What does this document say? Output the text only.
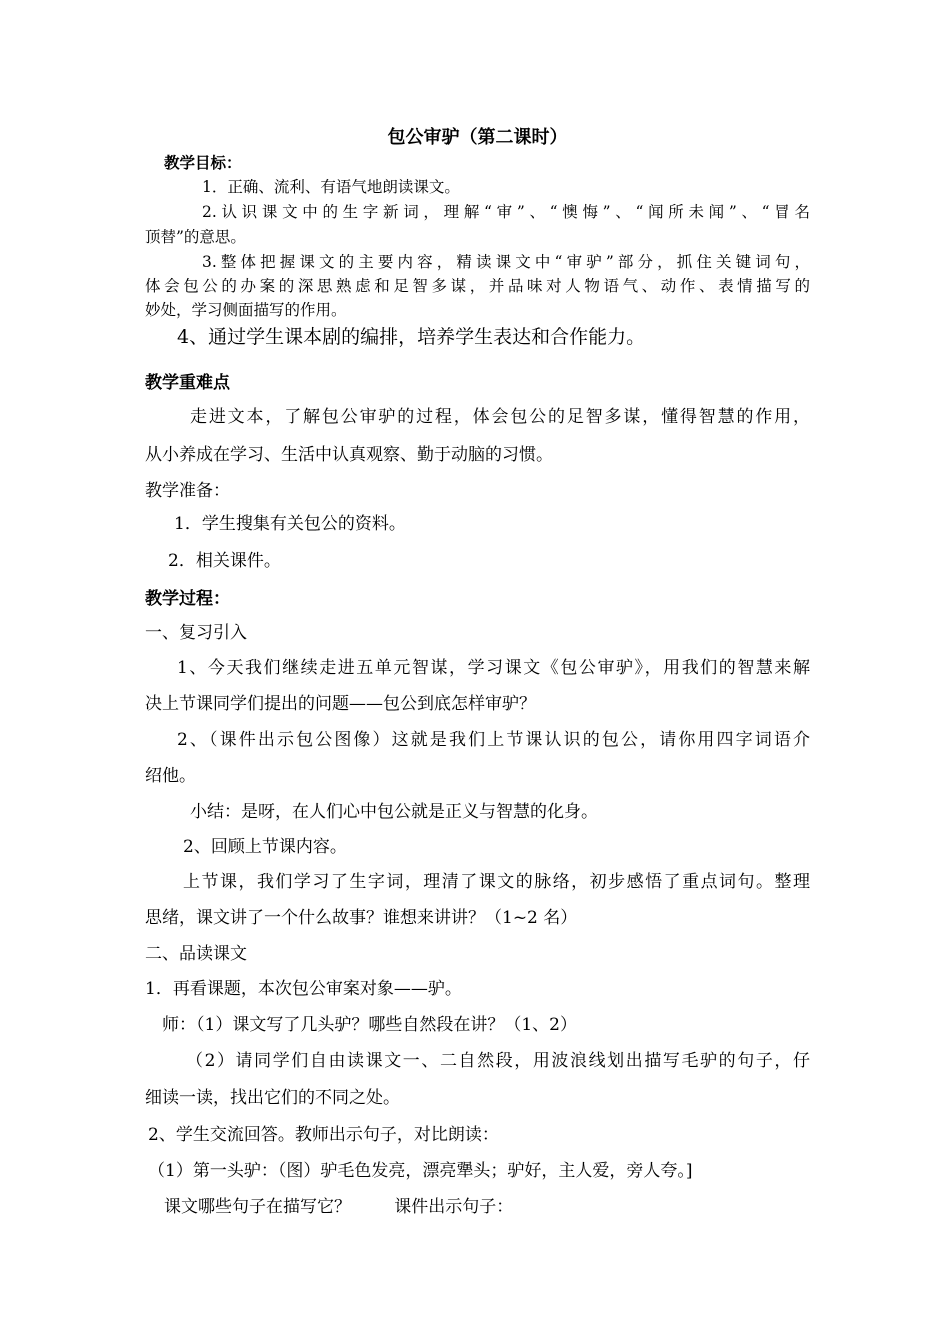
包公审驴（第二课时）
教学目标：
1．正确、流利、有语气地朗读课文。
2.认识课文中的生字新词，理解“审”、“懊悔”、“闻所未闻”、“冒名
顶替”的意思。
3.整体把握课文的主要内容，精读课文中“审驴”部分，抓住关键词句，
体会包公的办案的深思熟虑和足智多谋，并品味对人物语气、动作、表情描写的
妙处，学习侧面描写的作用。
4、通过学生课本剧的编排，培养学生表达和合作能力。
教学重难点
走进文本，了解包公审驴的过程，体会包公的足智多谋，懂得智慧的作用，
从小养成在学习、生活中认真观察、勤于动脑的习惯。
教学准备：
1．学生搜集有关包公的资料。
2．相关课件。
教学过程：
一、复习引入
1、今天我们继续走进五单元智谋，学习课文《包公审驴》，用我们的智慧来解
决上节课同学们提出的问题——包公到底怎样审驴？
2、（课件出示包公图像）这就是我们上节课认识的包公，请你用四字词语介
绍他。
小结：是呀，在人们心中包公就是正义与智慧的化身。
2、回顾上节课内容。
上节课，我们学习了生字词，理清了课文的脉络，初步感悟了重点词句。整理
思绪，课文讲了一个什么故事？谁想来讲讲？（1~2 名）
二、品读课文
1．再看课题，本次包公审案对象——驴。
师：（1）课文写了几头驴？哪些自然段在讲？（1、2）
（2）请同学们自由读课文一、二自然段，用波浪线划出描写毛驴的句子，仔
细读一读，找出它们的不同之处。
2、学生交流回答。教师出示句子，对比朗读：
（1）第一头驴：（图）驴毛色发亮，漂亮犟头；驴好，主人爱，旁人夸。]
课文哪些句子在描写它？        课件出示句子：
